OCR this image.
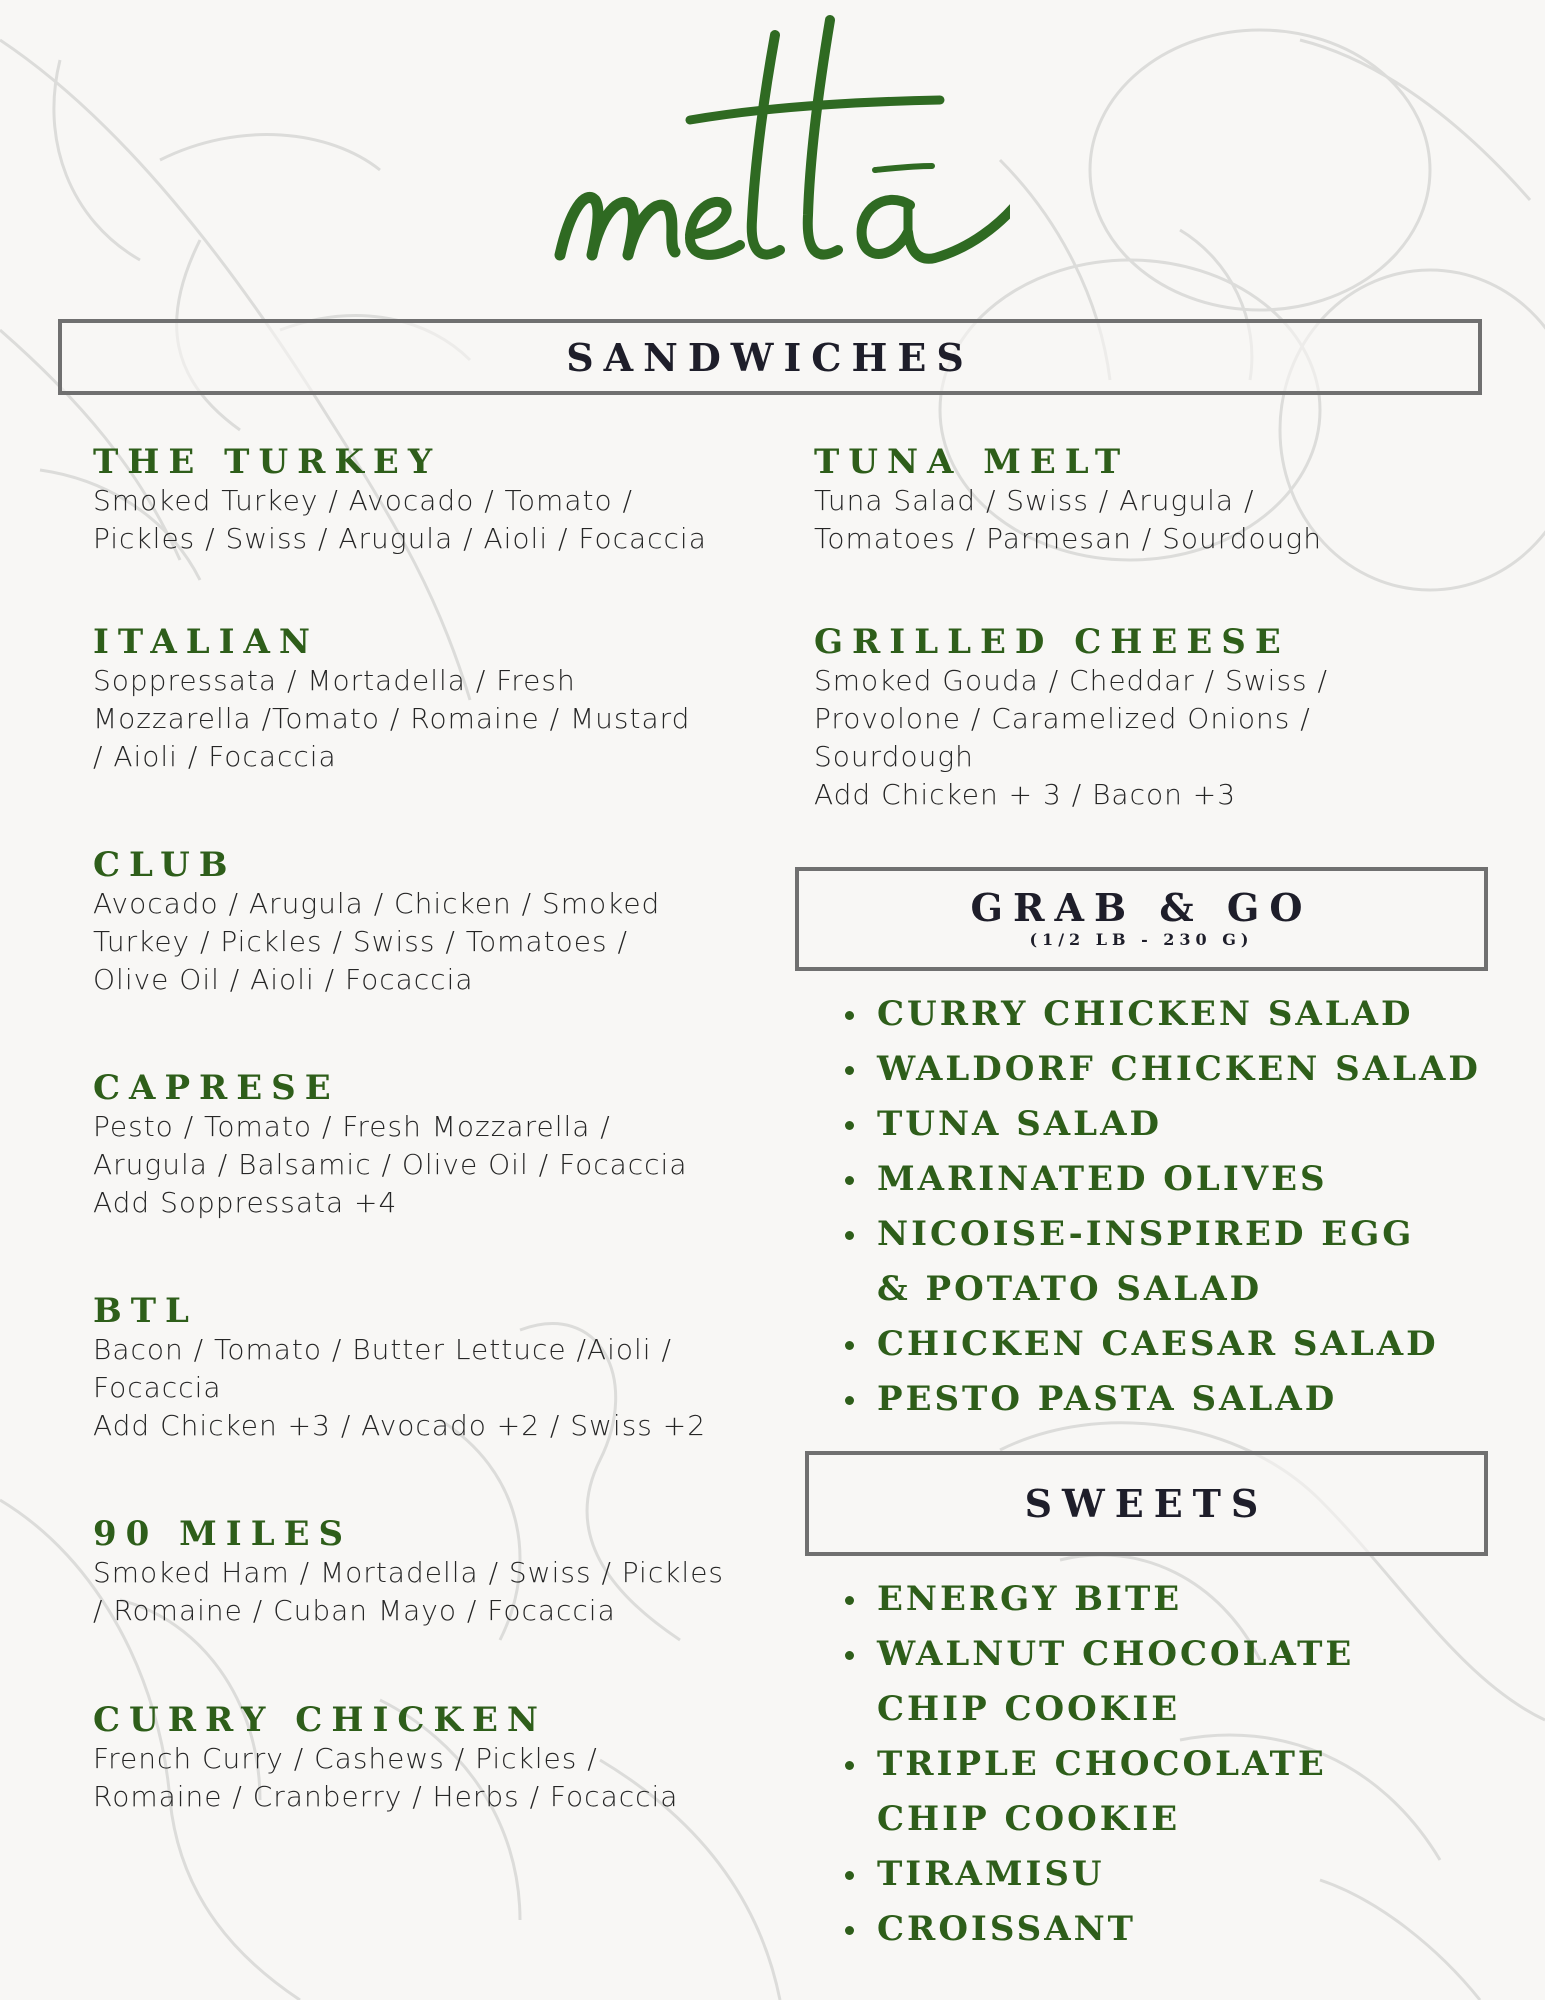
SANDWICHES
THE TURKEY
Smoked Turkey / Avocado / Tomato /
Pickles / Swiss / Arugula / Aioli / Focaccia
ITALIAN
Soppressata / Mortadella / Fresh
Mozzarella /Tomato / Romaine / Mustard
/ Aioli / Focaccia
CLUB
Avocado / Arugula / Chicken / Smoked
Turkey / Pickles / Swiss / Tomatoes /
Olive Oil / Aioli / Focaccia
CAPRESE
Pesto / Tomato / Fresh Mozzarella /
Arugula / Balsamic / Olive Oil / Focaccia
Add Soppressata +4
BTL
Bacon / Tomato / Butter Lettuce /Aioli /
Focaccia
Add Chicken +3 / Avocado +2 / Swiss +2
90 MILES
Smoked Ham / Mortadella / Swiss / Pickles
/ Romaine / Cuban Mayo / Focaccia
CURRY CHICKEN
French Curry / Cashews / Pickles /
Romaine / Cranberry / Herbs / Focaccia
TUNA MELT
Tuna Salad / Swiss / Arugula /
Tomatoes / Parmesan / Sourdough
GRILLED CHEESE
Smoked Gouda / Cheddar / Swiss /
Provolone / Caramelized Onions /
Sourdough
Add Chicken + 3 / Bacon +3
GRAB & GO
(1/2 LB - 230 G)
CURRY CHICKEN SALAD
WALDORF CHICKEN SALAD
TUNA SALAD
MARINATED OLIVES
NICOISE-INSPIRED EGG & POTATO SALAD
CHICKEN CAESAR SALAD
PESTO PASTA SALAD
SWEETS
ENERGY BITE
WALNUT CHOCOLATE CHIP COOKIE
TRIPLE CHOCOLATE CHIP COOKIE
TIRAMISU
CROISSANT
